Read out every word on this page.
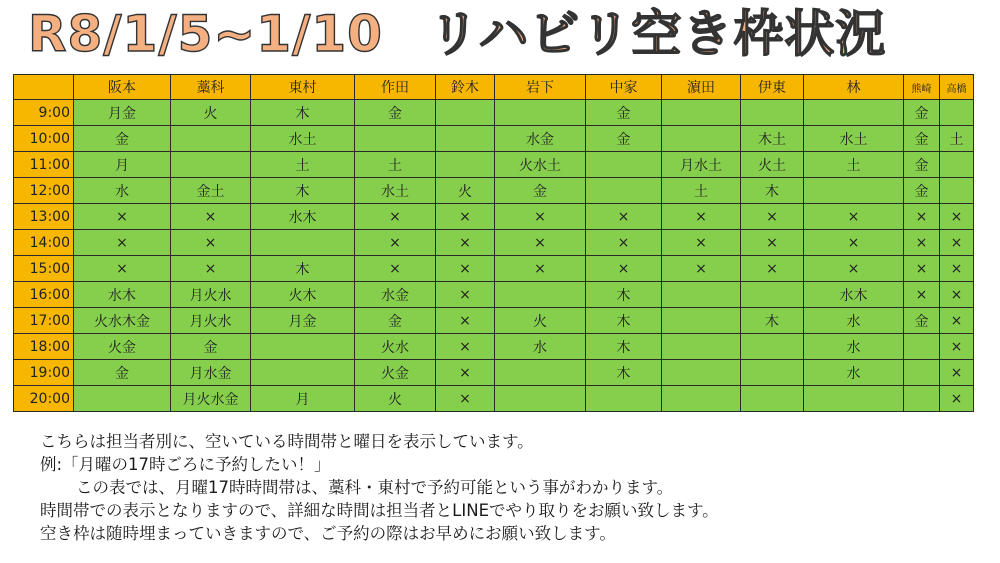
R8/1/5~1/10 リハビリ空き枠状況
	阪本	藁科	東村	作田	鈴木	岩下	中家	濵田	伊東	林	熊崎	高橋
9:00	月金	火	木	金			金				金	
10:00	金		水土			水金	金		木土	水土	金	土
11:00	月		土	土		火水土		月水土	火土	土	金	
12:00	水	金土	木	水土	火	金		土	木		金	
13:00	×	×	水木	×	×	×	×	×	×	×	×	×
14:00	×	×		×	×	×	×	×	×	×	×	×
15:00	×	×	木	×	×	×	×	×	×	×	×	×
16:00	水木	月火水	火木	水金	×		木			水木	×	×
17:00	火水木金	月火水	月金	金	×	火	木		木	水	金	×
18:00	火金	金		火水	×	水	木			水		×
19:00	金	月水金		火金	×		木			水		×
20:00		月火水金	月	火	×							×

こちらは担当者別に、空いている時間帯と曜日を表示しています。

例:「月曜の17時ごろに予約したい！」

この表では、月曜17時時間帯は、藁科・東村で予約可能という事がわかります。

時間帯での表示となりますので、詳細な時間は担当者とLINEでやり取りをお願い致します。

空き枠は随時埋まっていきますので、ご予約の際はお早めにお願い致します。
